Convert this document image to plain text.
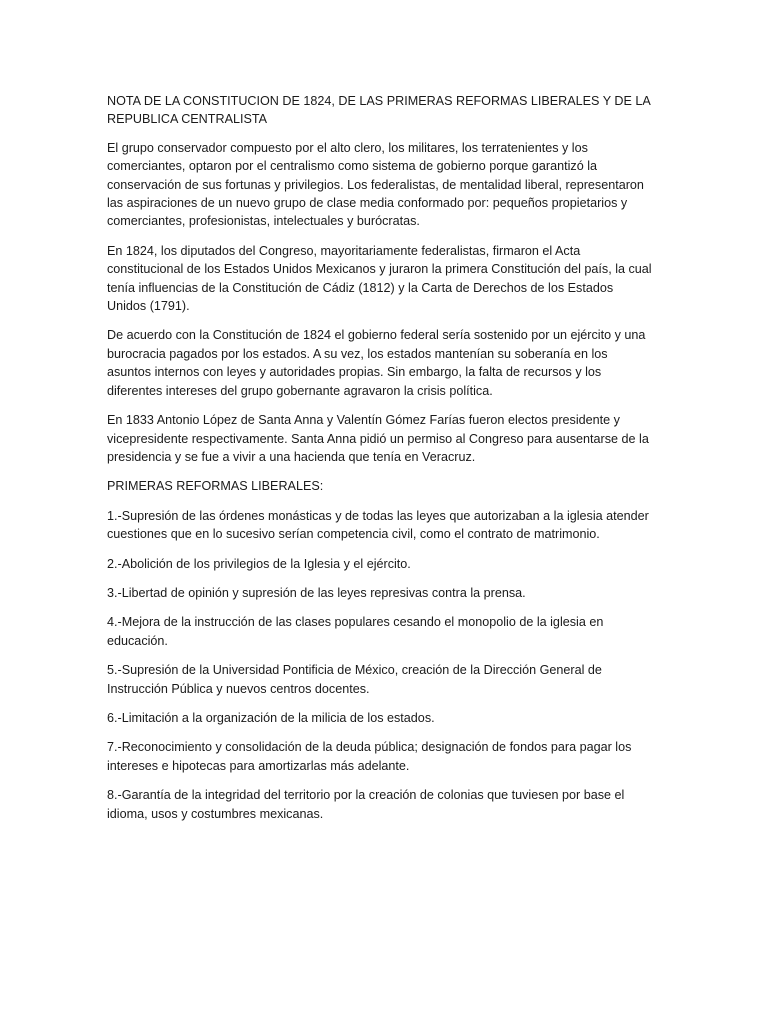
NOTA DE LA CONSTITUCION DE 1824, DE LAS PRIMERAS REFORMAS LIBERALES Y DE LA REPUBLICA CENTRALISTA

El grupo conservador compuesto por el alto clero, los militares, los terratenientes y los comerciantes, optaron por el centralismo como sistema de gobierno porque garantizó la conservación de sus fortunas y privilegios. Los federalistas, de mentalidad liberal, representaron las aspiraciones de un nuevo grupo de clase media conformado por: pequeños propietarios y comerciantes, profesionistas, intelectuales y burócratas.

En 1824, los diputados del Congreso, mayoritariamente federalistas, firmaron el Acta constitucional de los Estados Unidos Mexicanos y juraron la primera Constitución del país, la cual tenía influencias de la Constitución de Cádiz (1812) y la Carta de Derechos de los Estados Unidos (1791).

De acuerdo con la Constitución de 1824 el gobierno federal sería sostenido por un ejército y una burocracia pagados por los estados. A su vez, los estados mantenían su soberanía en los asuntos internos con leyes y autoridades propias. Sin embargo, la falta de recursos y los diferentes intereses del grupo gobernante agravaron la crisis política.

En 1833 Antonio López de Santa Anna y Valentín Gómez Farías fueron electos presidente y vicepresidente respectivamente. Santa Anna pidió un permiso al Congreso para ausentarse de la presidencia y se fue a vivir a una hacienda que tenía en Veracruz.

PRIMERAS REFORMAS LIBERALES:

1.-Supresión de las órdenes monásticas y de todas las leyes que autorizaban a la iglesia atender cuestiones que en lo sucesivo serían competencia civil, como el contrato de matrimonio.

2.-Abolición de los privilegios de la Iglesia y el ejército.

3.-Libertad de opinión y supresión de las leyes represivas contra la prensa.

4.-Mejora de la instrucción de las clases populares cesando el monopolio de la iglesia en educación.

5.-Supresión de la Universidad Pontificia de México, creación de la Dirección General de Instrucción Pública y nuevos centros docentes.

6.-Limitación a la organización de la milicia de los estados.

7.-Reconocimiento y consolidación de la deuda pública; designación de fondos para pagar los intereses e hipotecas para amortizarlas más adelante.

8.-Garantía de la integridad del territorio por la creación de colonias que tuviesen por base el idioma, usos y costumbres mexicanas.
